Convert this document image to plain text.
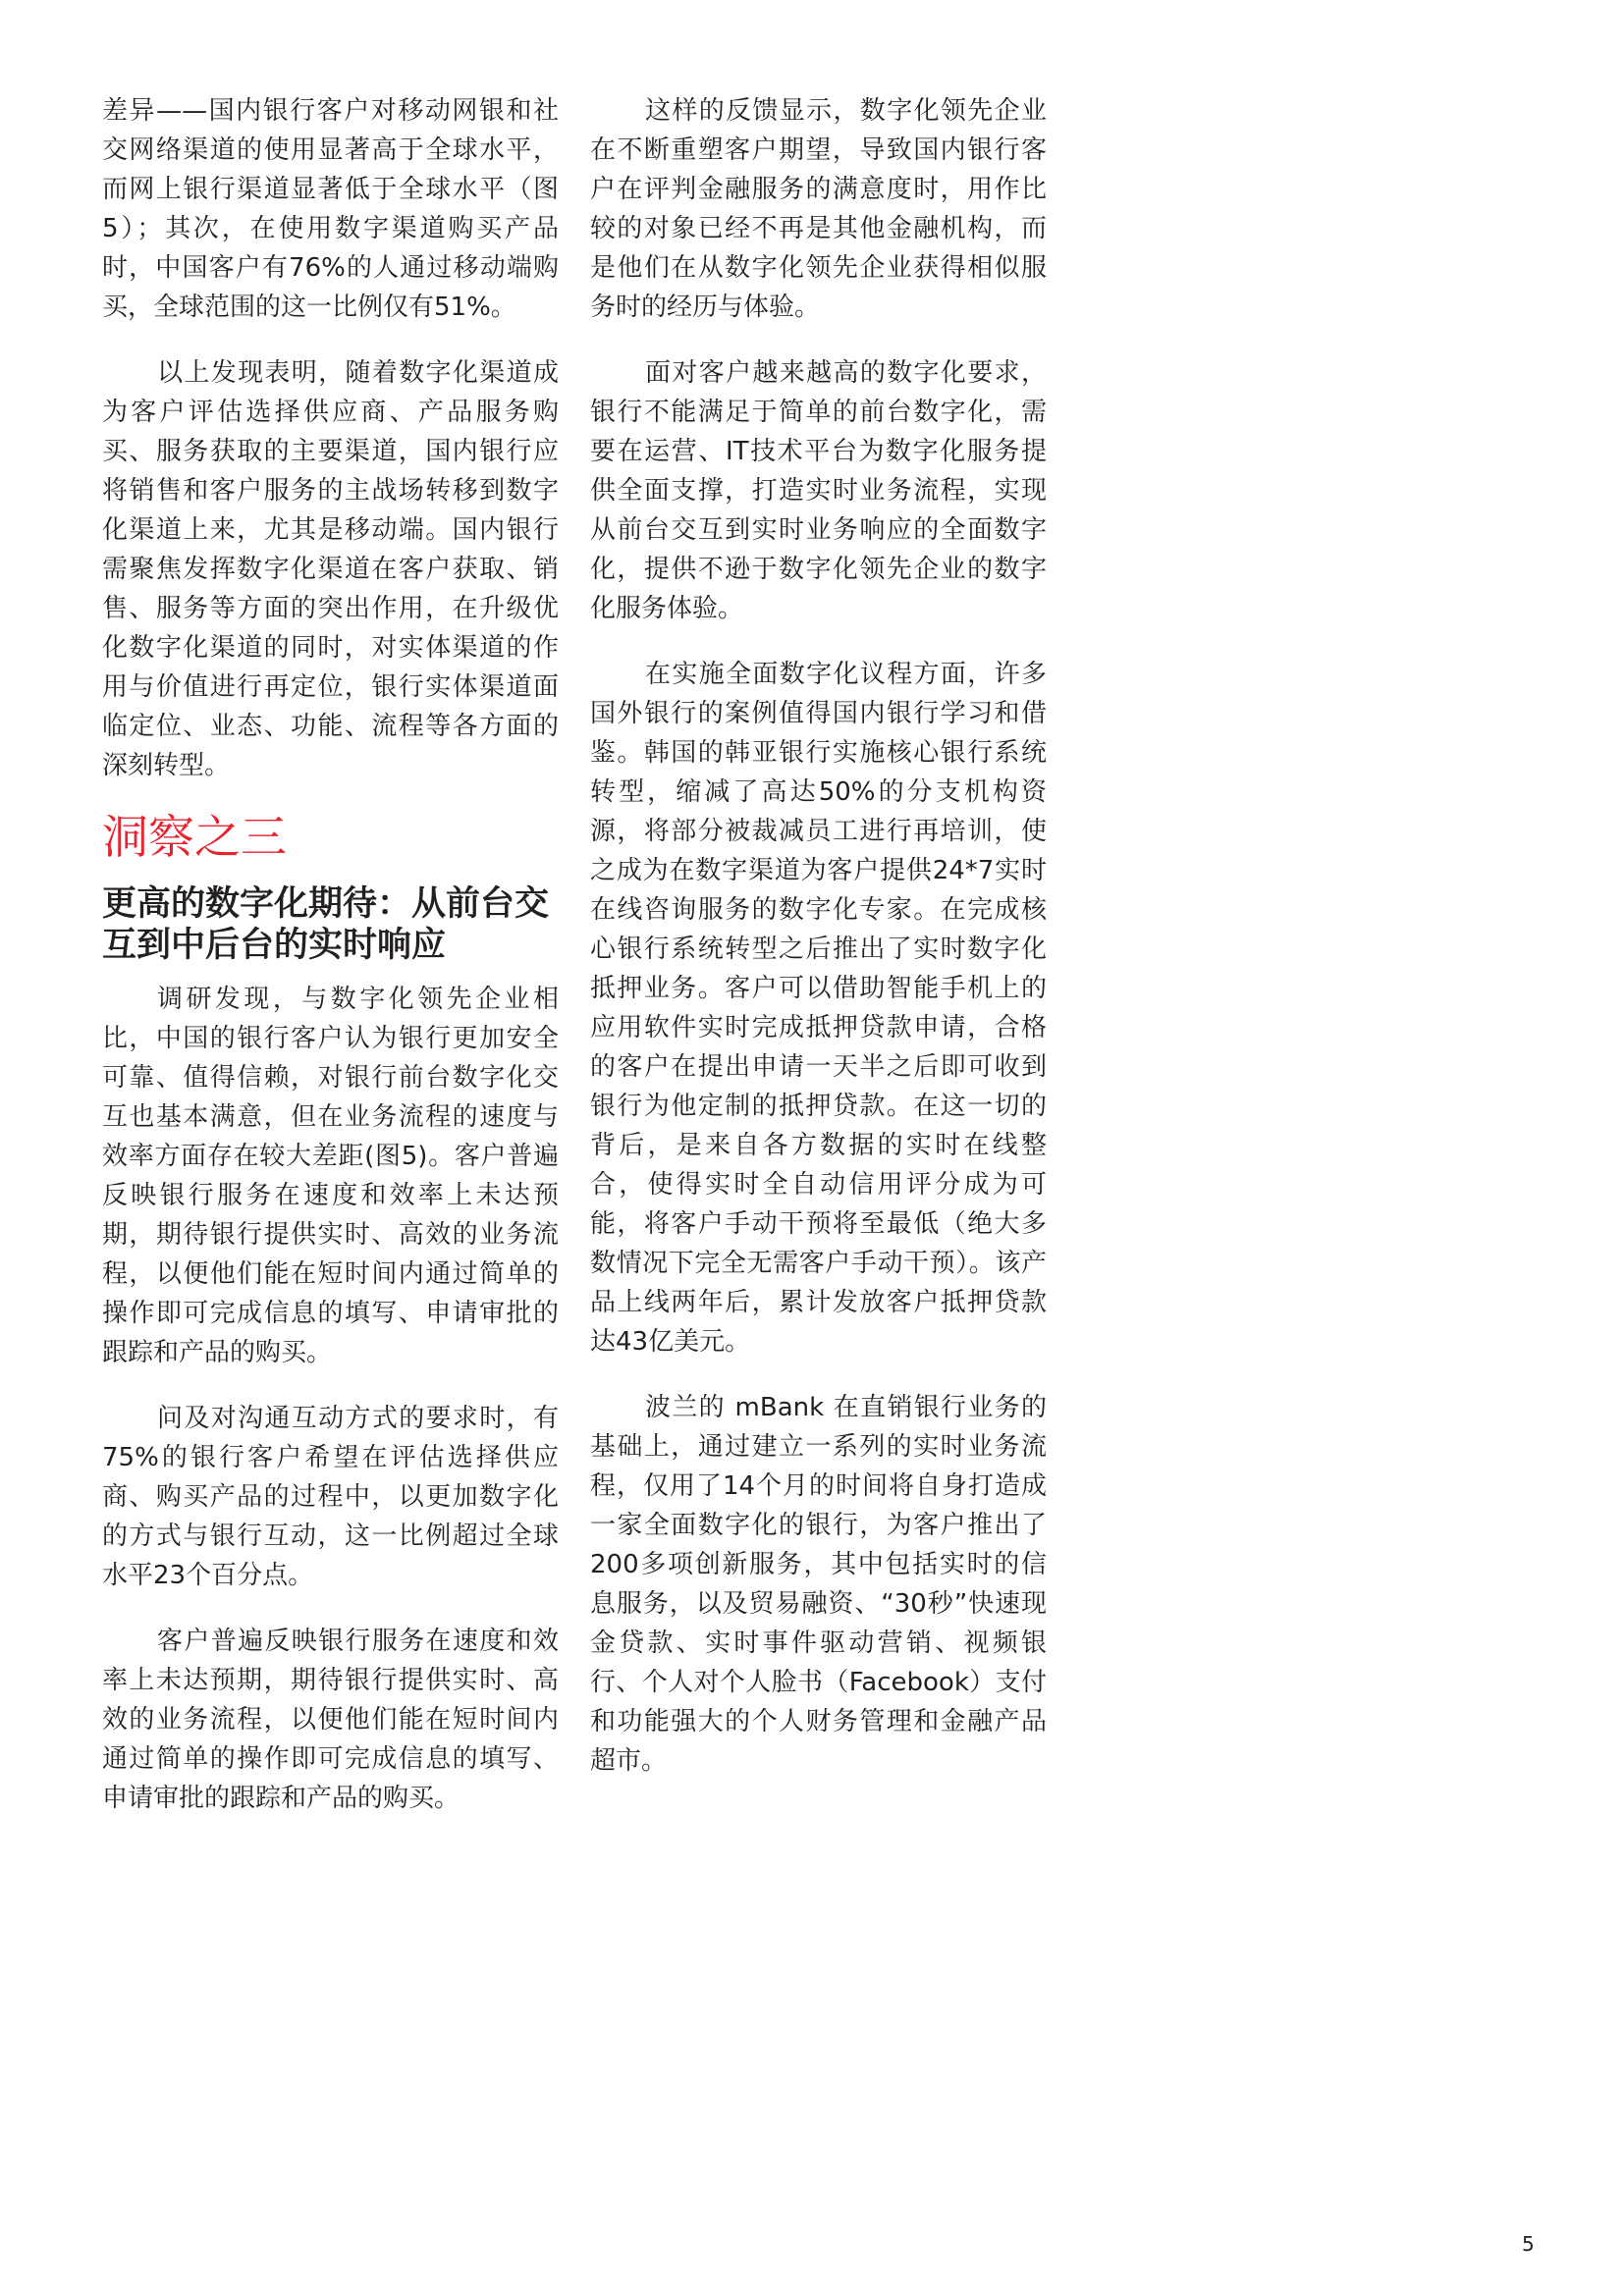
差异——国内银行客户对移动网银和社交网络渠道的使用显著高于全球水平，而网上银行渠道显著低于全球水平（图5）；其次，在使用数字渠道购买产品时，中国客户有76%的人通过移动端购买，全球范围的这一比例仅有51%。

以上发现表明，随着数字化渠道成为客户评估选择供应商、产品服务购买、服务获取的主要渠道，国内银行应将销售和客户服务的主战场转移到数字化渠道上来，尤其是移动端。国内银行需聚焦发挥数字化渠道在客户获取、销售、服务等方面的突出作用，在升级优化数字化渠道的同时，对实体渠道的作用与价值进行再定位，银行实体渠道面临定位、业态、功能、流程等各方面的深刻转型。

洞察之三
更高的数字化期待：从前台交互到中后台的实时响应

调研发现，与数字化领先企业相比，中国的银行客户认为银行更加安全可靠、值得信赖，对银行前台数字化交互也基本满意，但在业务流程的速度与效率方面存在较大差距(图5)。客户普遍反映银行服务在速度和效率上未达预期，期待银行提供实时、高效的业务流程，以便他们能在短时间内通过简单的操作即可完成信息的填写、申请审批的跟踪和产品的购买。

问及对沟通互动方式的要求时，有75%的银行客户希望在评估选择供应商、购买产品的过程中，以更加数字化的方式与银行互动，这一比例超过全球水平23个百分点。

客户普遍反映银行服务在速度和效率上未达预期，期待银行提供实时、高效的业务流程，以便他们能在短时间内通过简单的操作即可完成信息的填写、申请审批的跟踪和产品的购买。

这样的反馈显示，数字化领先企业在不断重塑客户期望，导致国内银行客户在评判金融服务的满意度时，用作比较的对象已经不再是其他金融机构，而是他们在从数字化领先企业获得相似服务时的经历与体验。

面对客户越来越高的数字化要求，银行不能满足于简单的前台数字化，需要在运营、IT技术平台为数字化服务提供全面支撑，打造实时业务流程，实现从前台交互到实时业务响应的全面数字化，提供不逊于数字化领先企业的数字化服务体验。

在实施全面数字化议程方面，许多国外银行的案例值得国内银行学习和借鉴。韩国的韩亚银行实施核心银行系统转型，缩减了高达50%的分支机构资源，将部分被裁减员工进行再培训，使之成为在数字渠道为客户提供24*7实时在线咨询服务的数字化专家。在完成核心银行系统转型之后推出了实时数字化抵押业务。客户可以借助智能手机上的应用软件实时完成抵押贷款申请，合格的客户在提出申请一天半之后即可收到银行为他定制的抵押贷款。在这一切的背后，是来自各方数据的实时在线整合，使得实时全自动信用评分成为可能，将客户手动干预将至最低（绝大多数情况下完全无需客户手动干预）。该产品上线两年后，累计发放客户抵押贷款达43亿美元。

波兰的 mBank 在直销银行业务的基础上，通过建立一系列的实时业务流程，仅用了14个月的时间将自身打造成一家全面数字化的银行，为客户推出了200多项创新服务，其中包括实时的信息服务，以及贸易融资、“30秒”快速现金贷款、实时事件驱动营销、视频银行、个人对个人脸书（Facebook）支付和功能强大的个人财务管理和金融产品超市。

5
